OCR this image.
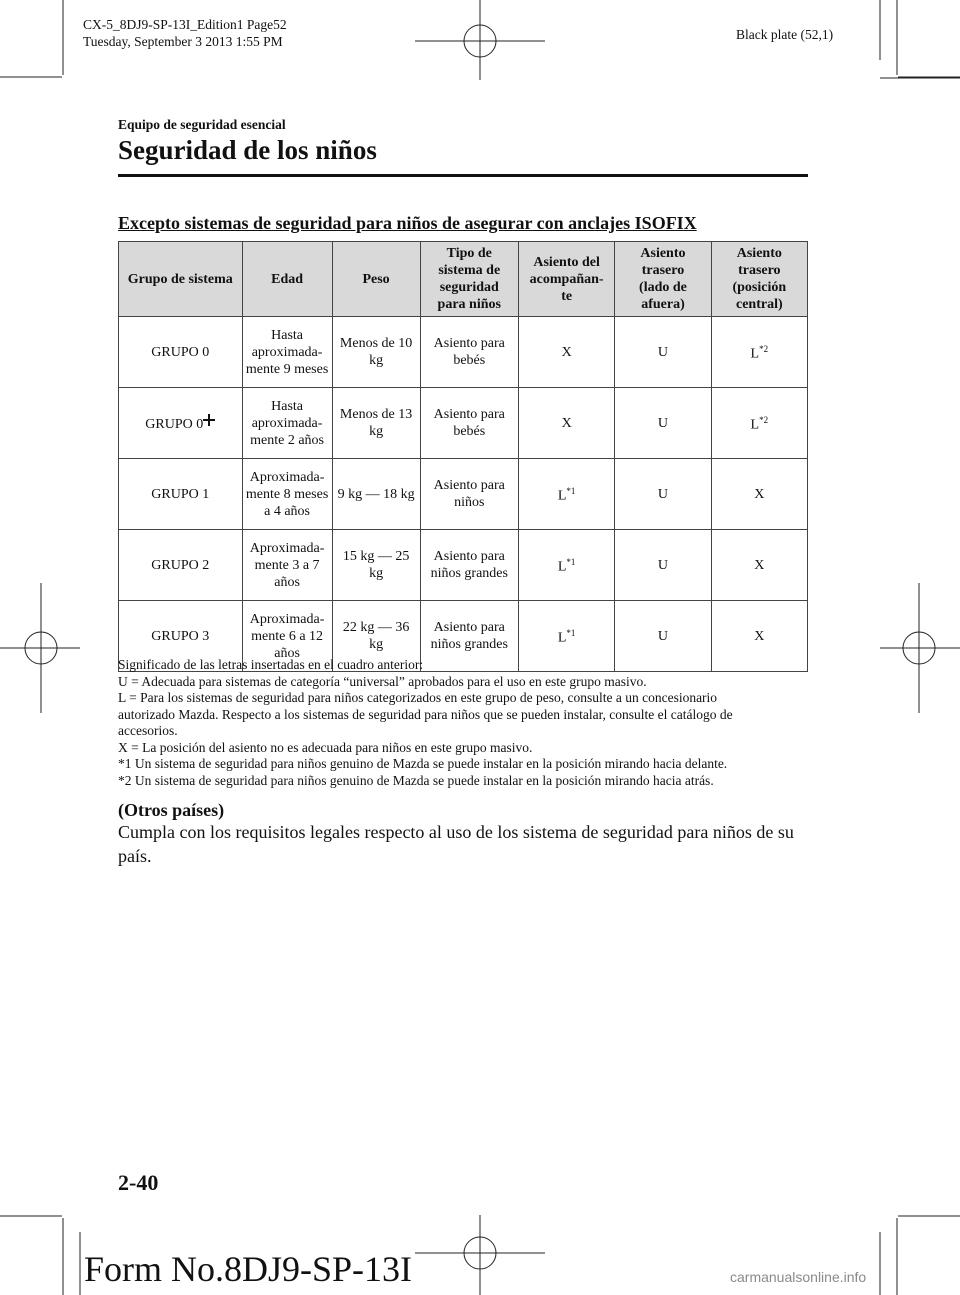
CX-5_8DJ9-SP-13I_Edition1 Page52
Tuesday, September 3 2013 1:55 PM	Black plate (52,1)
Equipo de seguridad esencial
Seguridad de los niños
Excepto sistemas de seguridad para niños de asegurar con anclajes ISOFIX
Grupo de sistema	Edad	Peso	Tipo de
sistema de
seguridad
para niños	Asiento del
acompañan-
te	Asiento
trasero
(lado de
afuera)	Asiento
trasero
(posición
central)
GRUPO 0	Hasta
aproximada-
mente 9 meses	Menos de 10
kg	Asiento para
bebés	X	U	$L^{*2}$
GRUPO 0	Hasta
aproximada-
mente 2 años	Menos de 13
kg	Asiento para
bebés	X	U	$L^{*2}$
GRUPO 1	Aproximada-
mente 8 meses
a 4 años	9 kg ― 18 kg	Asiento para
niños	$L^{*1}$	U	X
GRUPO 2	Aproximada-
mente 3 a 7
años	15 kg ― 25 kg	Asiento para
niños grandes	$L^{*1}$	U	X
GRUPO 3	Aproximada-
mente 6 a 12
años	22 kg ― 36 kg	Asiento para
niños grandes	$L^{*1}$	U	X
Significado de las letras insertadas en el cuadro anterior:
U = Adecuada para sistemas de categoría “universal” aprobados para el uso en este grupo masivo.
L = Para los sistemas de seguridad para niños categorizados en este grupo de peso, consulte a un concesionario
autorizado Mazda. Respecto a los sistemas de seguridad para niños que se pueden instalar, consulte el catálogo de
accesorios.
X = La posición del asiento no es adecuada para niños en este grupo masivo.
*1 Un sistema de seguridad para niños genuino de Mazda se puede instalar en la posición mirando hacia delante.
*2 Un sistema de seguridad para niños genuino de Mazda se puede instalar en la posición mirando hacia atrás.
(Otros países)
Cumpla con los requisitos legales respecto al uso de los sistema de seguridad para niños de su país.
2-40
Form No.8DJ9-SP-13I	carmanualsonline.info
